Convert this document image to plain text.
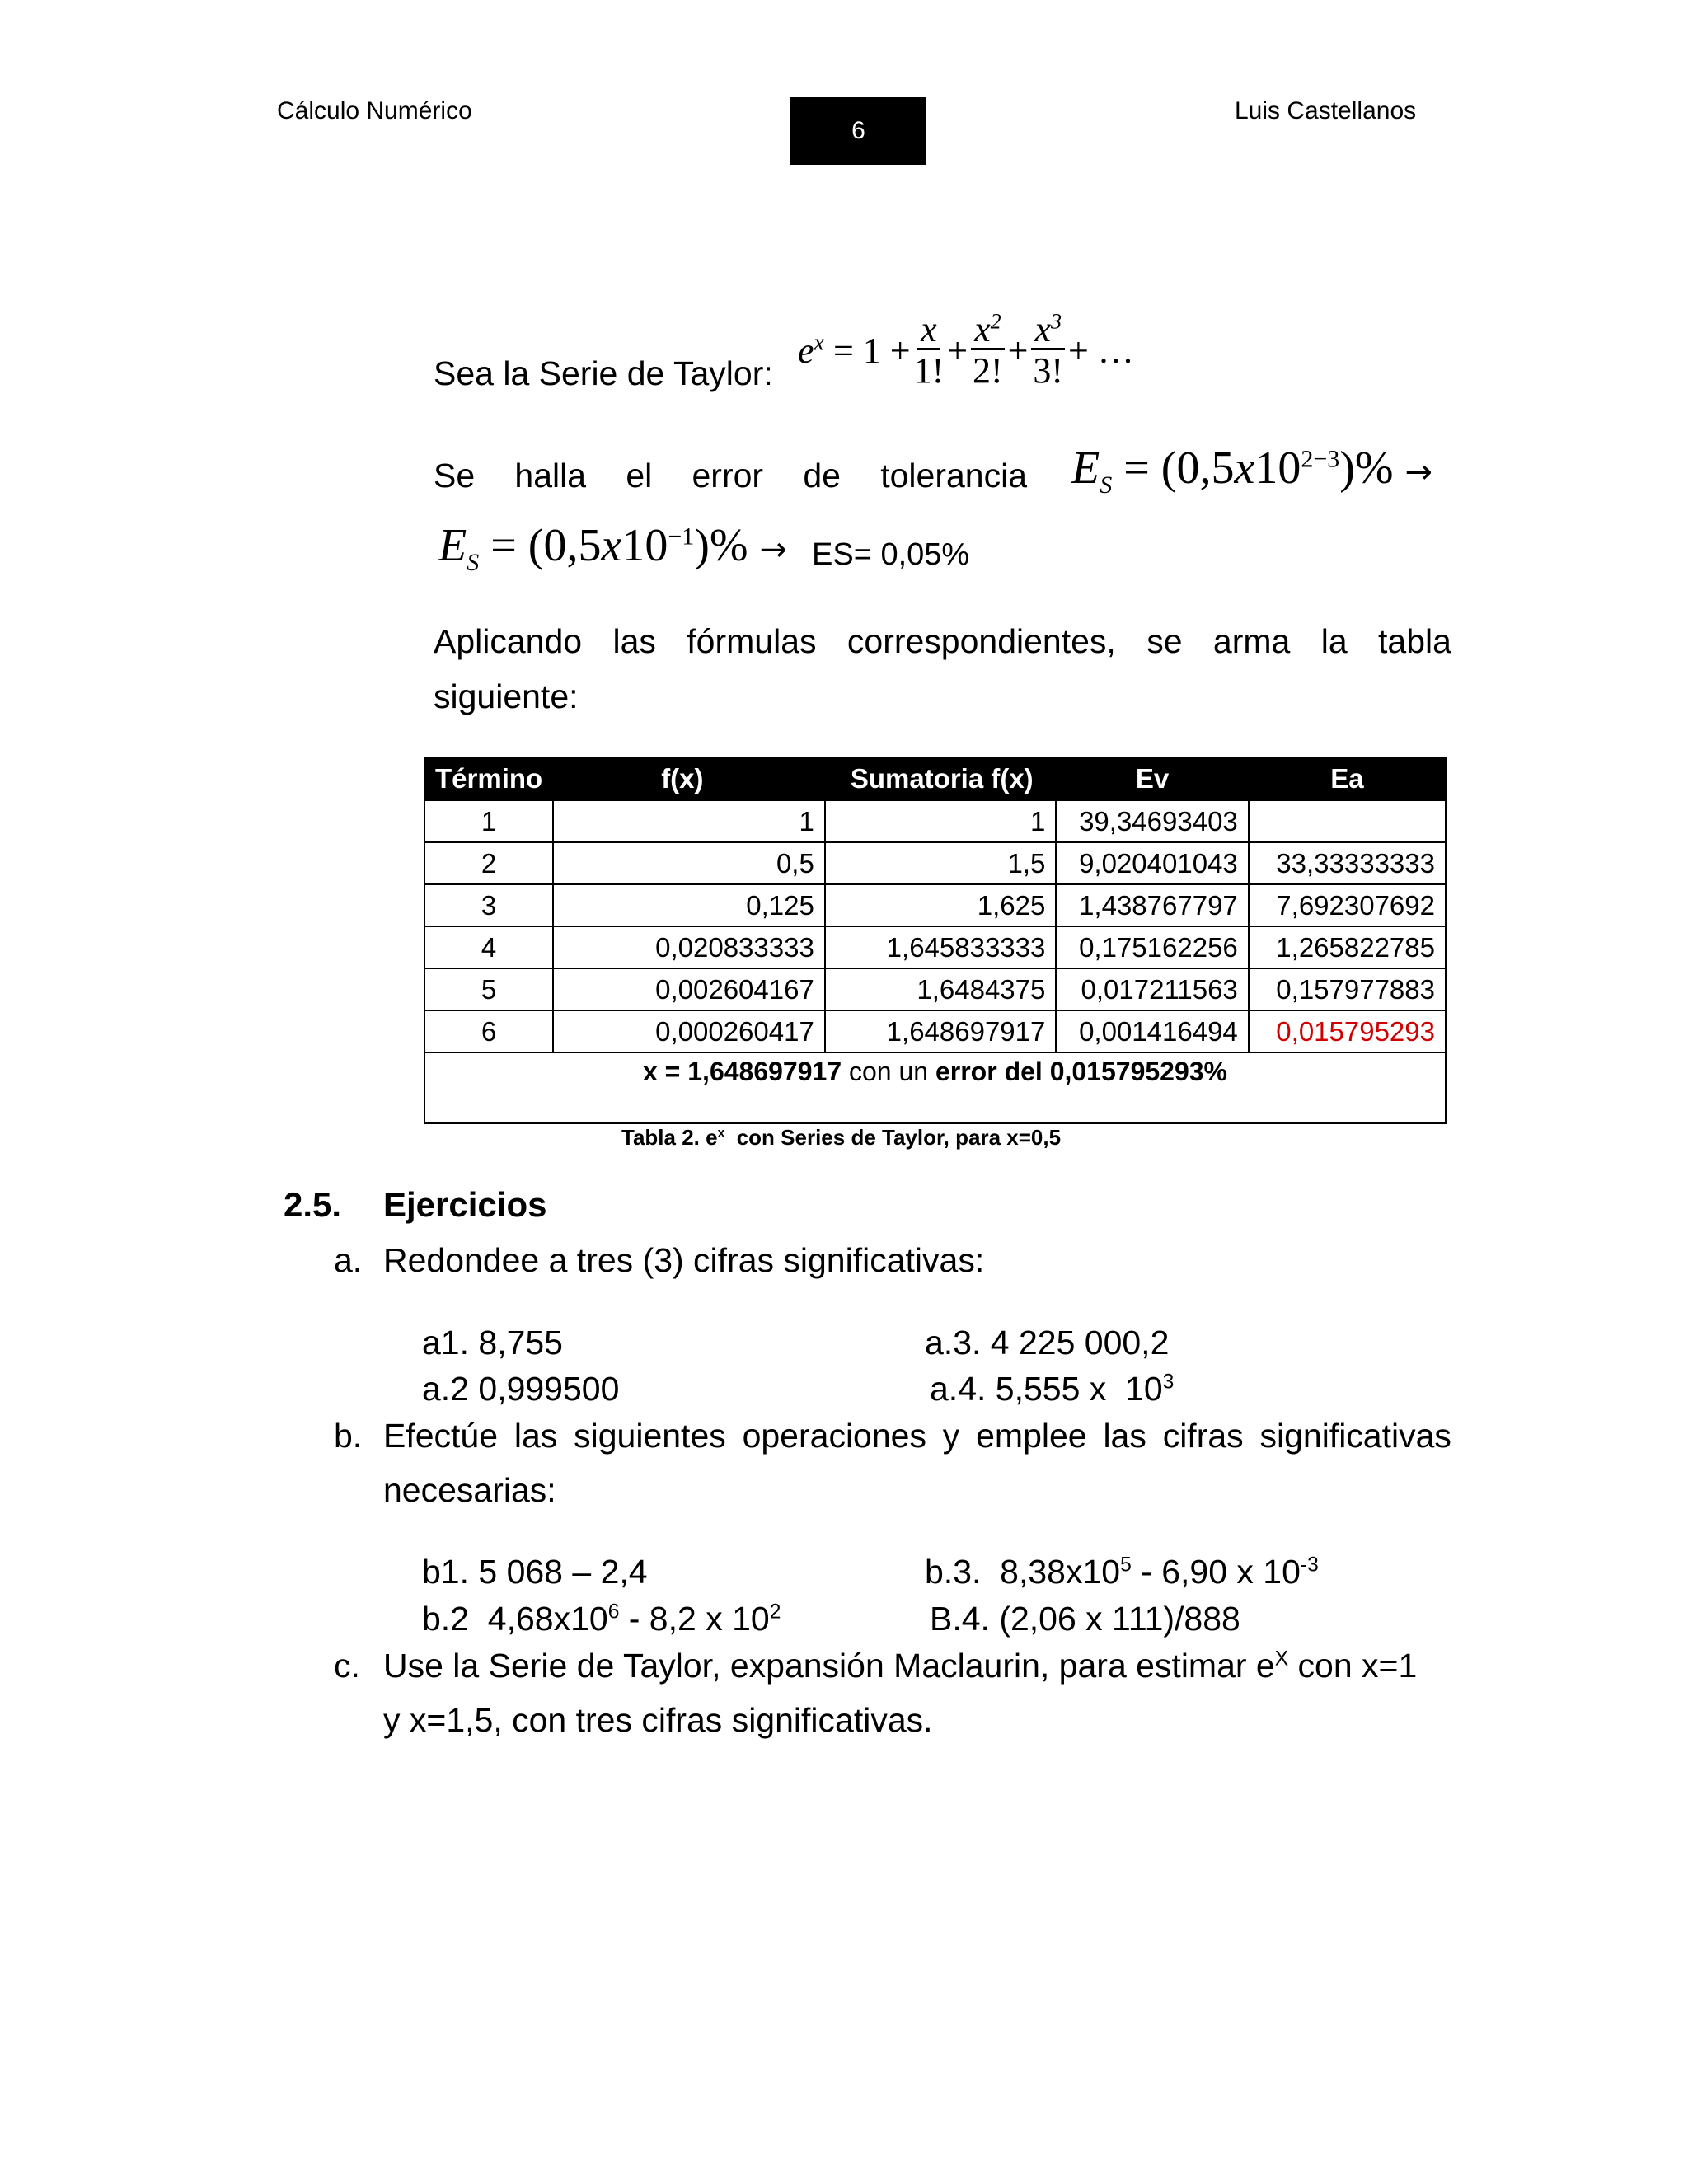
Cálculo Numérico
6
Luis Castellanos
Sea la Serie de Taylor:
$e^x = 1 + \frac{x}{1!} + \frac{x^2}{2!} + \frac{x^3}{3!}$ + …
Se halla el error de tolerancia $E_S = (0,5x10^{2-3})\%$ →
$E_S = (0,5x10^{-1})\% \to ES= 0,05\%$
Aplicando las fórmulas correspondientes, se arma la tabla
siguiente:
Término	f(x)	Sumatoria f(x)	Ev	Ea
1	1	1	39,34693403	
2	0,5	1,5	9,020401043	33,33333333
3	0,125	1,625	1,438767797	7,692307692
4	0,020833333	1,645833333	0,175162256	1,265822785
5	0,002604167	1,6484375	0,017211563	0,157977883
6	0,000260417	1,648697917	0,001416494	0,015795293
x = 1,648697917 con un error del 0,015795293%				
Tabla 2. $e^x$  con Series de Taylor, para x=0,5
2.5. Ejercicios
a. Redondee a tres (3) cifras significativas:
a1. 8,755
a.2 0,999500
a.3. 4 225 000,2
a.4. 5,555 x  $10^3$
b. Efectúe las siguientes operaciones y emplee las cifras significativas
necesarias:
b1. 5 068 – 2,4
b.2  $4,68x10^6 - 8,2$ x $10^2$
b.3.  $8,38x10^5 - 6,90$ x $10^{-3}$
B.4. (2,06 x 111)/888
c. Use la Serie de Taylor, expansión Maclaurin, para estimar $e^X$ con x=1
y x=1,5, con tres cifras significativas.
